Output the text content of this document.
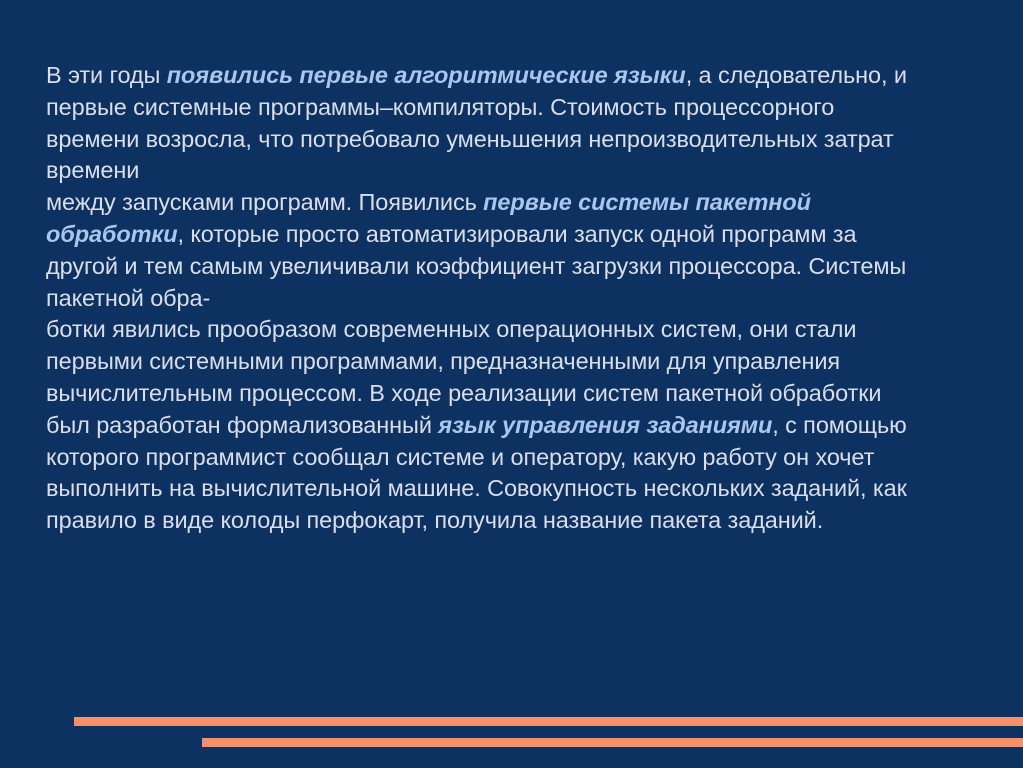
В эти годы появились первые алгоритмические языки, а следовательно, и
первые системные программы–компиляторы. Стоимость процессорного
времени возросла, что потребовало уменьшения непроизводительных затрат
времени
между запусками программ. Появились первые системы пакетной
обработки, которые просто автоматизировали запуск одной программ за
другой и тем самым увеличивали коэффициент загрузки процессора. Системы
пакетной обра-
ботки явились прообразом современных операционных систем, они стали
первыми системными программами, предназначенными для управления
вычислительным процессом. В ходе реализации систем пакетной обработки
был разработан формализованный язык управления заданиями, с помощью
которого программист сообщал системе и оператору, какую работу он хочет
выполнить на вычислительной машине. Совокупность нескольких заданий, как
правило в виде колоды перфокарт, получила название пакета заданий.
